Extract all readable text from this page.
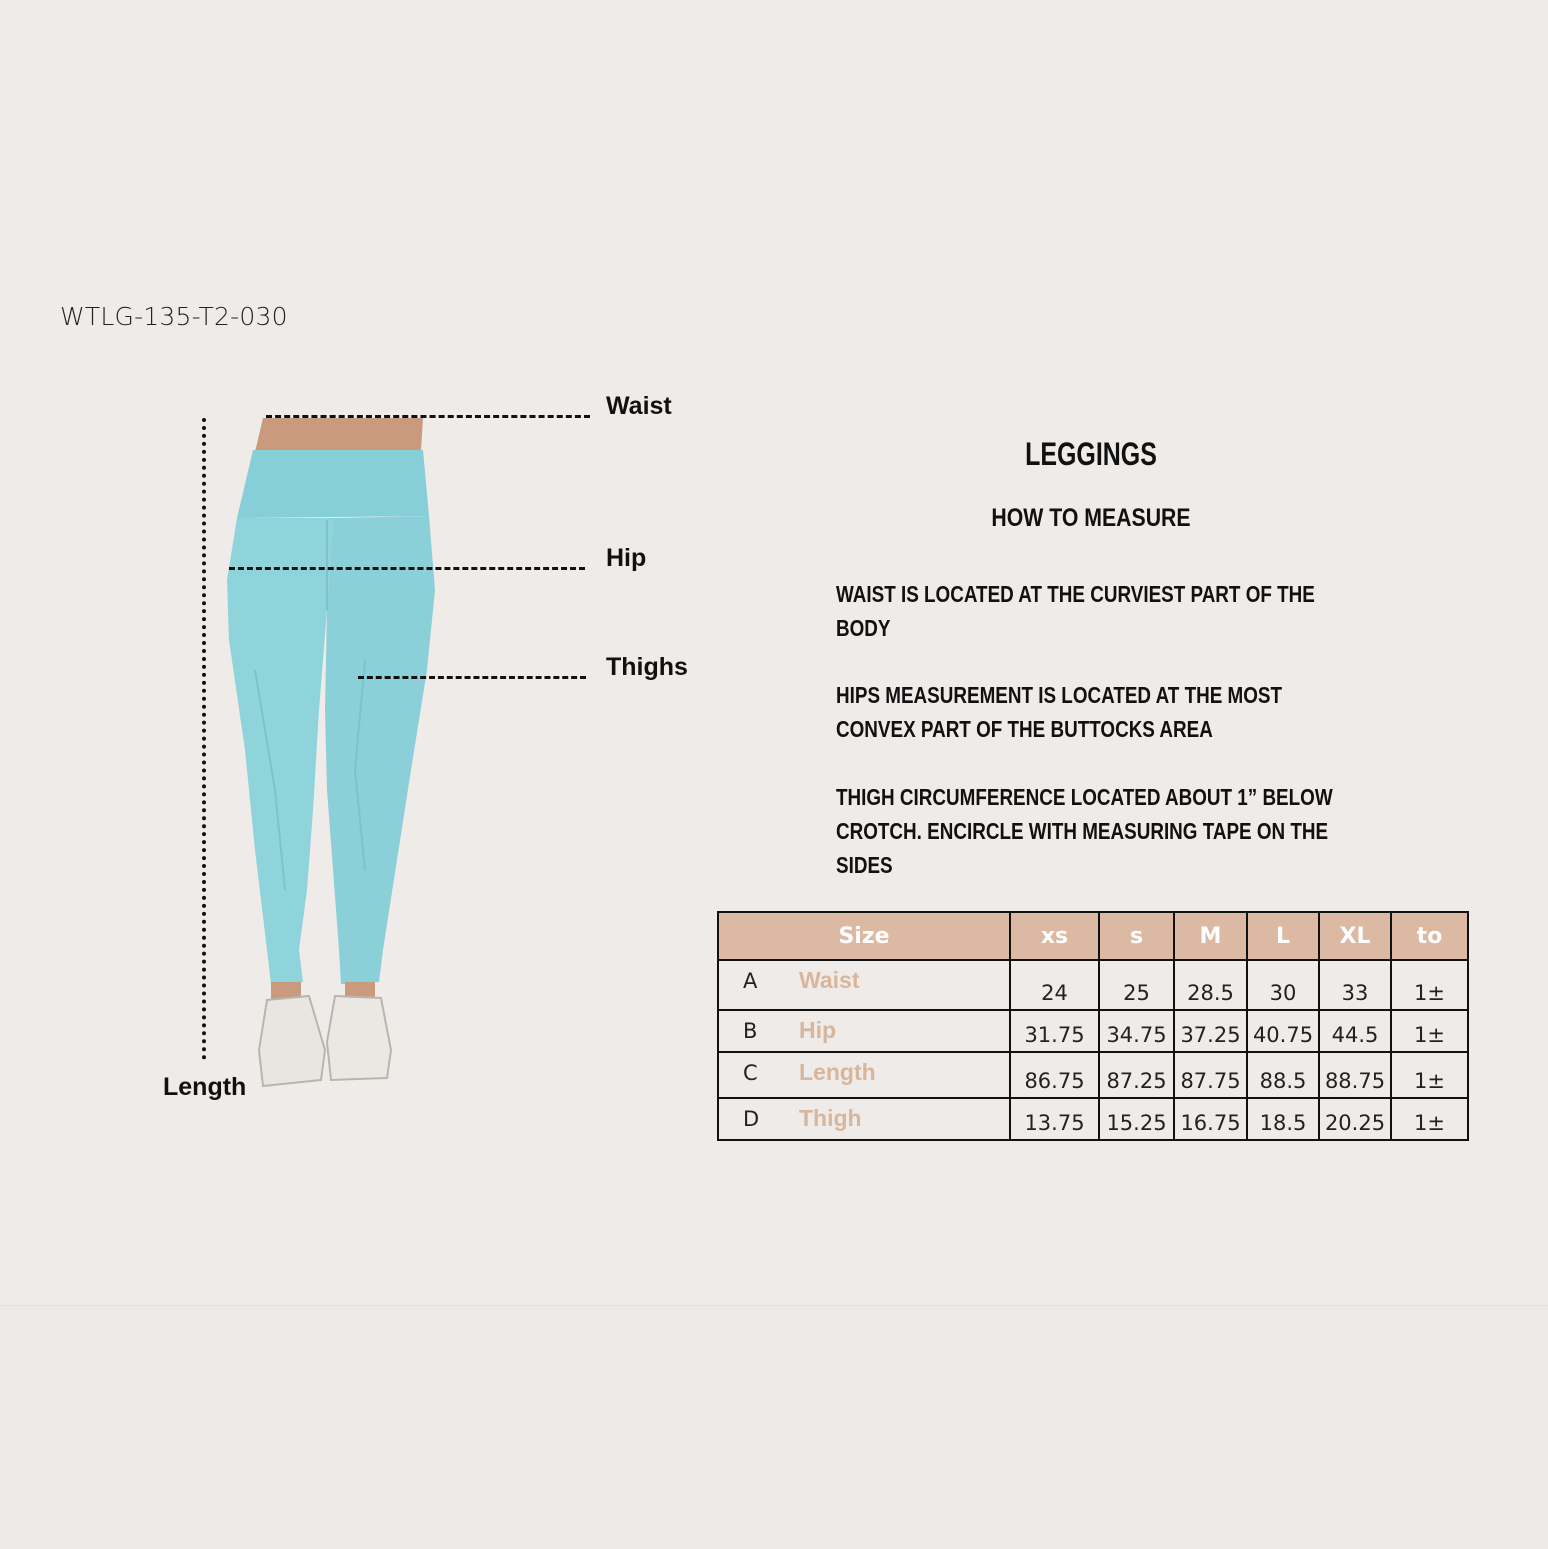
WTLG-135-T2-030
Waist
Hip
Thighs
Length
LEGGINGS
HOW TO MEASURE
WAIST IS LOCATED AT THE CURVIEST PART OF THE BODY
HIPS MEASUREMENT IS LOCATED AT THE MOST CONVEX PART OF THE BUTTOCKS AREA
THIGH CIRCUMFERENCE LOCATED ABOUT 1” BELOW CROTCH. ENCIRCLE WITH MEASURING TAPE ON THE SIDES
Size	xs	s	M	L	XL	to

A Waist	24	25	28.5	30	33	1±

B Hip	31.75	34.75	37.25	40.75	44.5	1±

C Length	86.75	87.25	87.75	88.5	88.75	1±

D Thigh	13.75	15.25	16.75	18.5	20.25	1±
